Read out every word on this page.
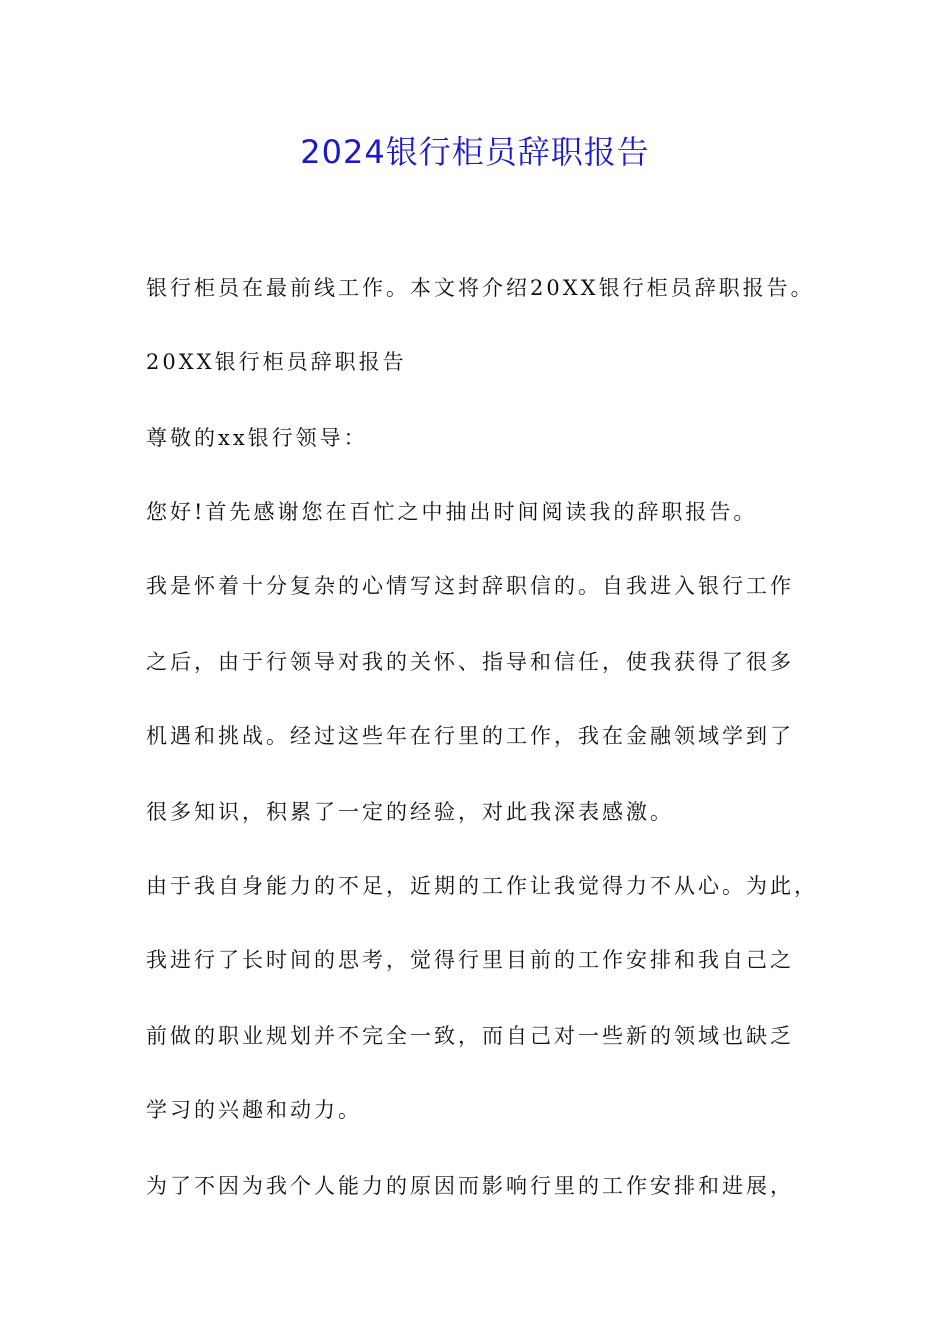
2024银行柜员辞职报告
银行柜员在最前线工作。本文将介绍20XX银行柜员辞职报告。
20XX银行柜员辞职报告
尊敬的xx银行领导：
您好!首先感谢您在百忙之中抽出时间阅读我的辞职报告。
我是怀着十分复杂的心情写这封辞职信的。自我进入银行工作
之后，由于行领导对我的关怀、指导和信任，使我获得了很多
机遇和挑战。经过这些年在行里的工作，我在金融领域学到了
很多知识，积累了一定的经验，对此我深表感激。
由于我自身能力的不足，近期的工作让我觉得力不从心。为此，
我进行了长时间的思考，觉得行里目前的工作安排和我自己之
前做的职业规划并不完全一致，而自己对一些新的领域也缺乏
学习的兴趣和动力。
为了不因为我个人能力的原因而影响行里的工作安排和进展，
